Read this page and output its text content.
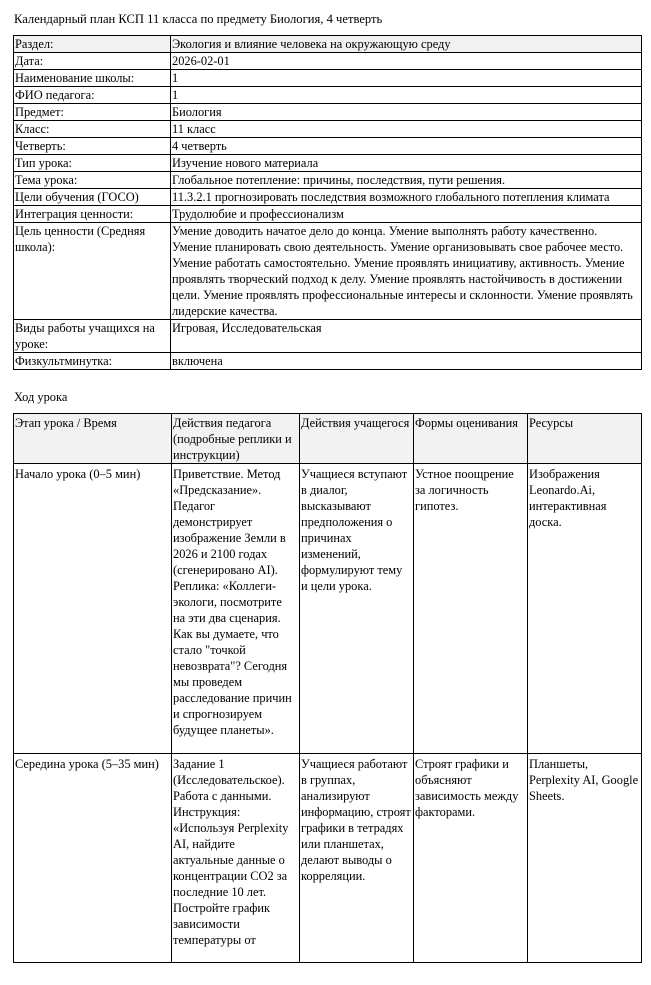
Календарный план КСП 11 класса по предмету Биология, 4 четверть
Раздел:	Экология и влияние человека на окружающую среду
Дата:	2026-02-01
Наименование школы:	1
ФИО педагога:	1
Предмет:	Биология
Класс:	11 класс
Четверть:	4 четверть
Тип урока:	Изучение нового материала
Тема урока:	Глобальное потепление: причины, последствия, пути решения.
Цели обучения (ГОСО)	11.3.2.1 прогнозировать последствия возможного глобального потепления климата
Интеграция ценности:	Трудолюбие и профессионализм
Цель ценности (Средняя школа):	Умение доводить начатое дело до конца. Умение выполнять работу качественно. Умение планировать свою деятельность. Умение организовывать свое рабочее место. Умение работать самостоятельно. Умение проявлять инициативу, активность. Умение проявлять творческий подход к делу. Умение проявлять настойчивость в достижении цели. Умение проявлять профессиональные интересы и склонности. Умение проявлять лидерские качества.
Виды работы учащихся на уроке:	Игровая, Исследовательская
Физкультминутка:	включена
Ход урока
Этап урока / Время	Действия педагога (подробные реплики и инструкции)	Действия учащегося	Формы оценивания	Ресурсы
Начало урока (0–5 мин)	Приветствие. Метод «Предсказание». Педагог демонстрирует изображение Земли в 2026 и 2100 годах (сгенерировано AI). Реплика: «Коллеги-экологи, посмотрите на эти два сценария. Как вы думаете, что стало "точкой невозврата"? Сегодня мы проведем расследование причин и спрогнозируем будущее планеты».	Учащиеся вступают в диалог, высказывают предположения о причинах изменений, формулируют тему и цели урока.	Устное поощрение за логичность гипотез.	Изображения Leonardo.Ai, интерактивная доска.
Середина урока (5–35 мин)	Задание 1 (Исследовательское). Работа с данными. Инструкция: «Используя Perplexity AI, найдите актуальные данные о концентрации CO2 за последние 10 лет. Постройте график зависимости температуры от	Учащиеся работают в группах, анализируют информацию, строят графики в тетрадях или планшетах, делают выводы о корреляции.	Строят графики и объясняют зависимость между факторами.	Планшеты, Perplexity AI, Google Sheets.
